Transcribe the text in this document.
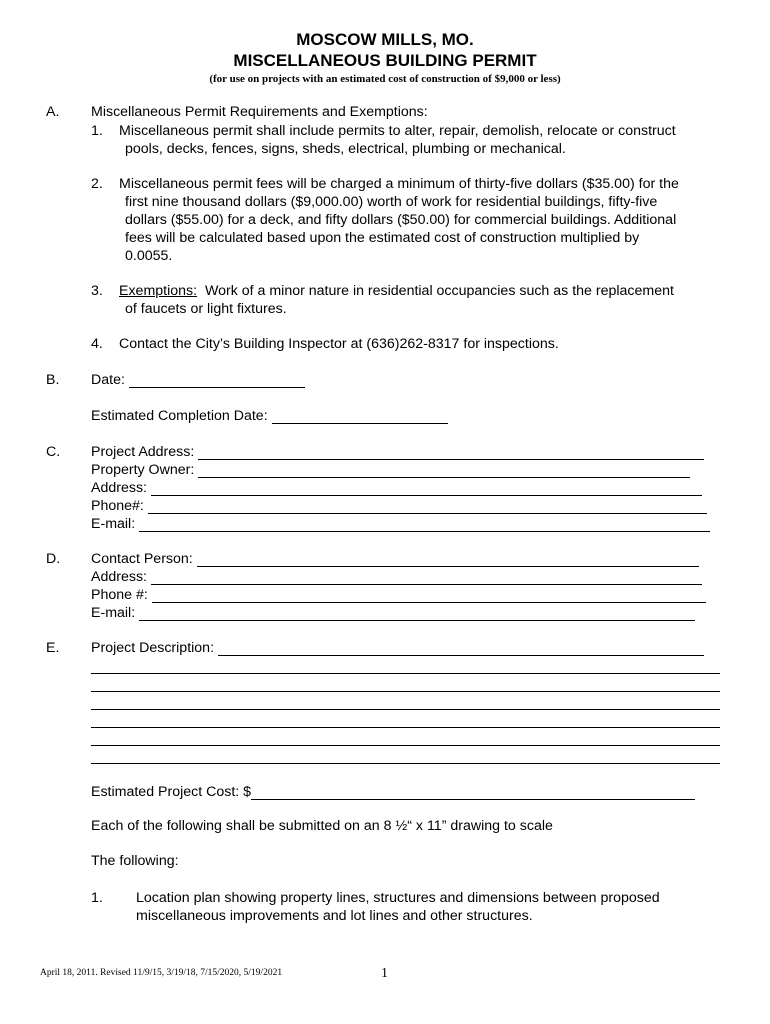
MOSCOW MILLS, MO.
MISCELLANEOUS BUILDING PERMIT
(for use on projects with an estimated cost of construction of $9,000 or less)
A. Miscellaneous Permit Requirements and Exemptions:
1. Miscellaneous permit shall include permits to alter, repair, demolish, relocate or construct
pools, decks, fences, signs, sheds, electrical, plumbing or mechanical.
2. Miscellaneous permit fees will be charged a minimum of thirty-five dollars ($35.00) for the
first nine thousand dollars ($9,000.00) worth of work for residential buildings, fifty-five
dollars ($55.00) for a deck, and fifty dollars ($50.00) for commercial buildings. Additional
fees will be calculated based upon the estimated cost of construction multiplied by
0.0055.
3. Exemptions: Work of a minor nature in residential occupancies such as the replacement
of faucets or light fixtures.
4. Contact the City’s Building Inspector at (636)262-8317 for inspections.
B. Date:
Estimated Completion Date:
C. Project Address:
Property Owner:
Address:
Phone#:
E-mail:
D. Contact Person:
Address:
Phone #:
E-mail:
E. Project Description:
Estimated Project Cost: $
Each of the following shall be submitted on an 8 ½“ x 11” drawing to scale
The following:
1. Location plan showing property lines, structures and dimensions between proposed
miscellaneous improvements and lot lines and other structures.
April 18, 2011. Revised 11/9/15, 3/19/18, 7/15/2020, 5/19/2021	1
